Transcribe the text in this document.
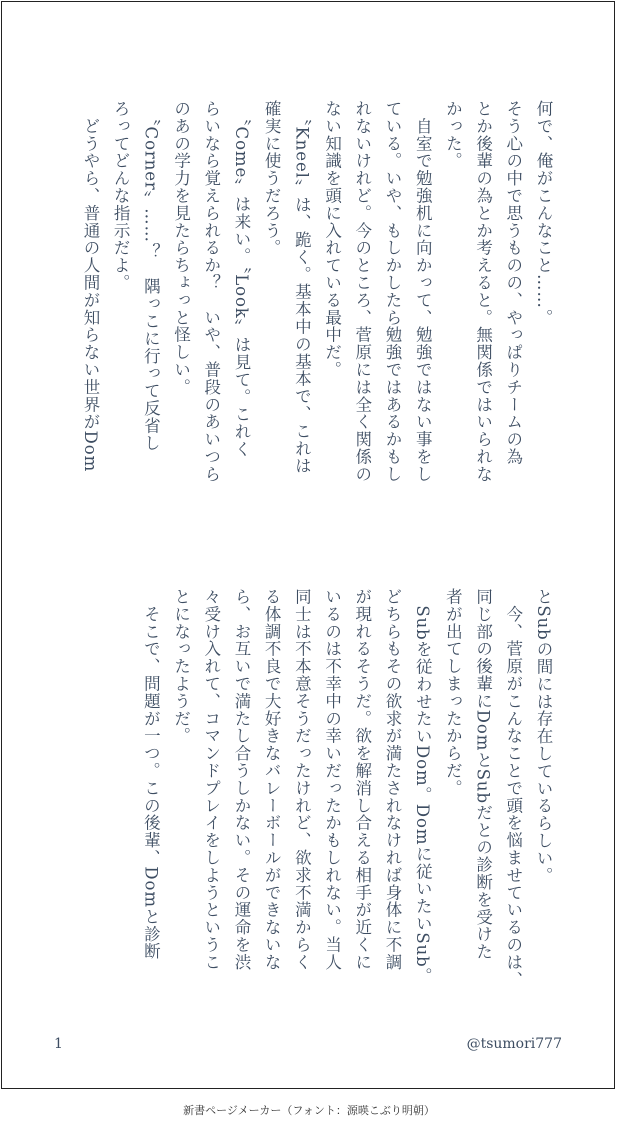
何で、俺がこんなこと……。

そう心の中で思うものの、やっぱりチームの為
とか後輩の為とか考えると。無関係ではいられな
かった。

　自室で勉強机に向かって、勉強ではない事をし
ている。いや、もしかしたら勉強ではあるかもし
れないけれど。今のところ、菅原には全く関係の
ない知識を頭に入れている最中だ。

　〝Kneel〟は、跪く。基本中の基本で、これは
確実に使うだろう。

　〝Come〟は来い。〝Look〟は見て。これく
らいなら覚えられるか？　いや、普段のあいつら
のあの学力を見たらちょっと怪しい。

　〝Corner〟……？　隅っこに行って反省し
ろってどんな指示だよ。

　どうやら、普通の人間が知らない世界がDom

とSubの間には存在しているらしい。

　今、菅原がこんなことで頭を悩ませているのは、
同じ部の後輩にDomとSubだとの診断を受けた
者が出てしまったからだ。

　Subを従わせたいDom。Domに従いたいSub。
どちらもその欲求が満たされなければ身体に不調
が現れるそうだ。欲を解消し合える相手が近くに
いるのは不幸中の幸いだったかもしれない。当人
同士は不本意そうだったけれど、欲求不満からく
る体調不良で大好きなバレーボールができないな
ら、お互いで満たし合うしかない。その運命を渋
々受け入れて、コマンドプレイをしようというこ
とになったようだ。

　そこで、問題が一つ。この後輩、Domと診断

1	@tsumori777
新書ページメーカー（フォント：源暎こぶり明朝）
